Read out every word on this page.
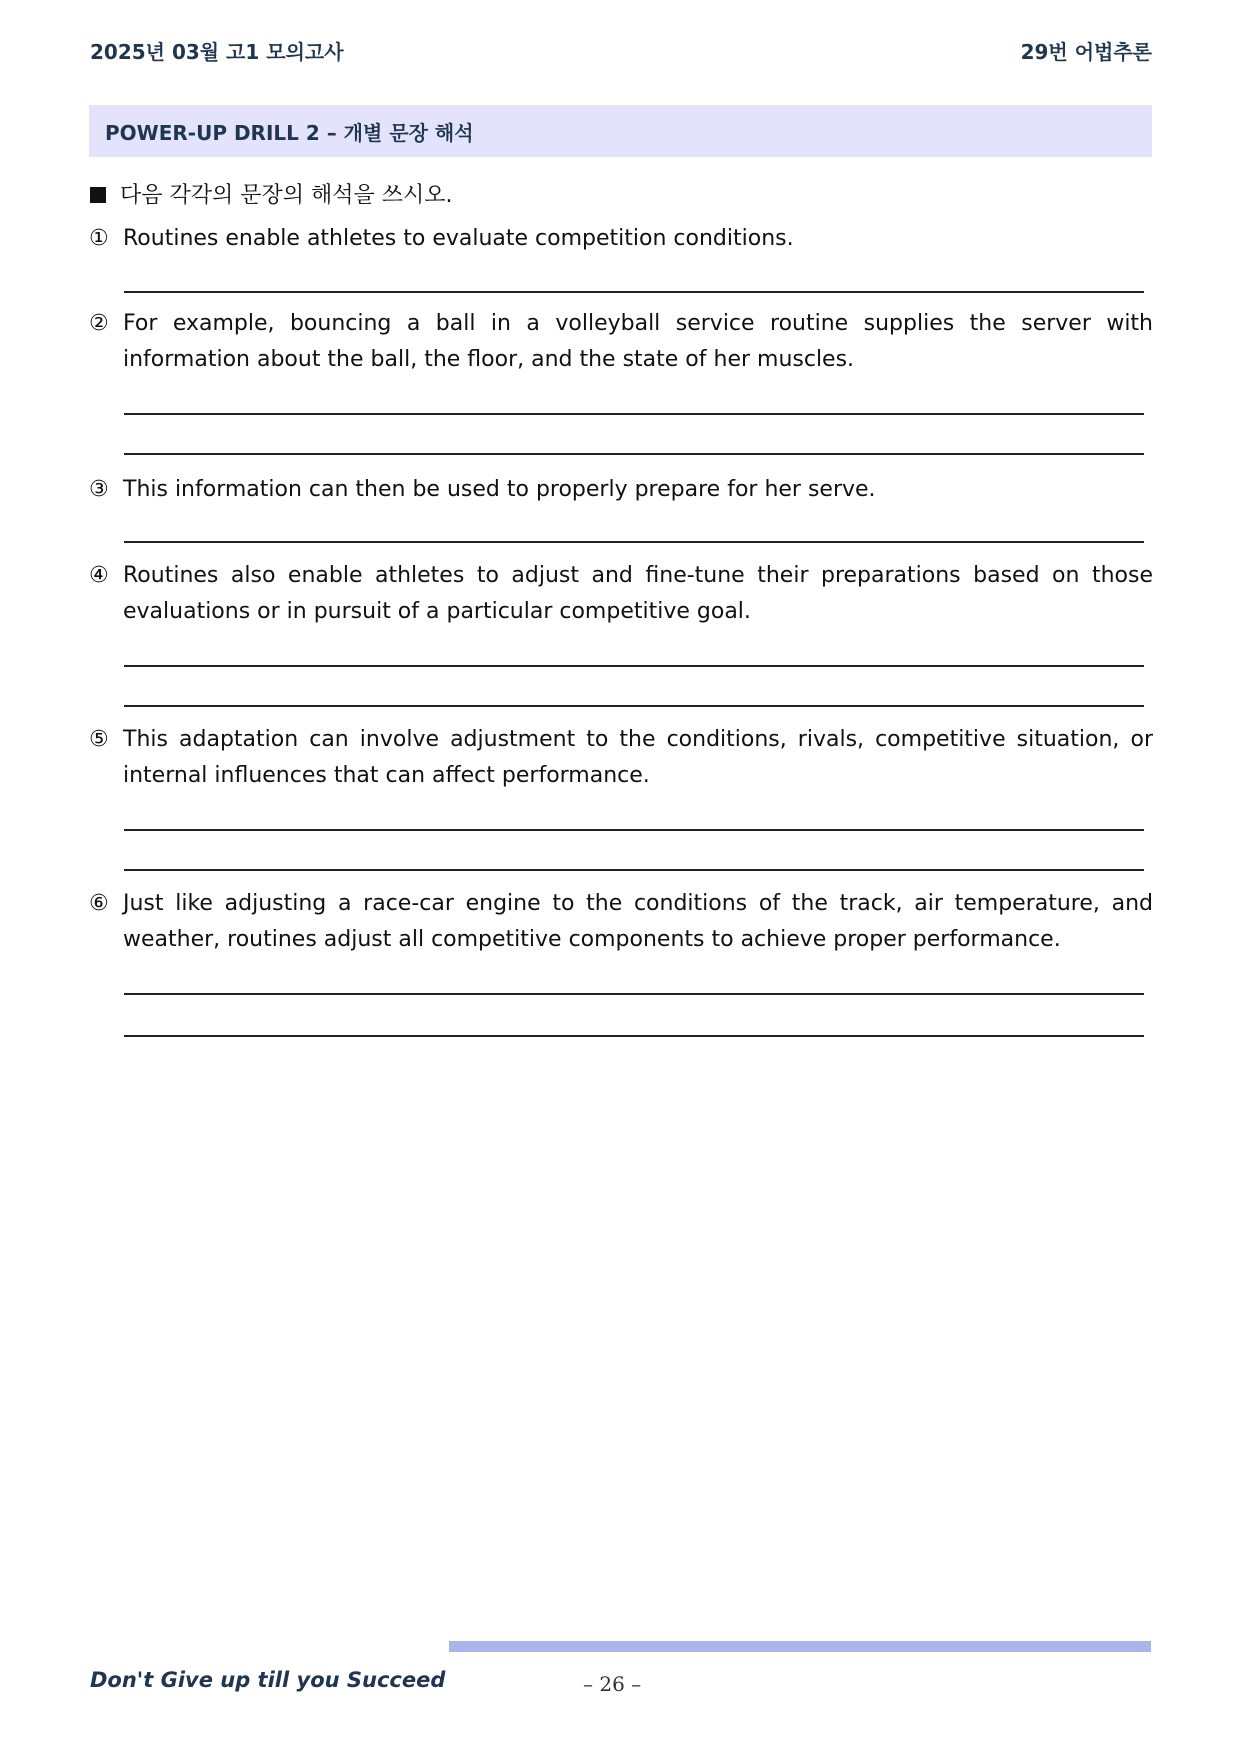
2025년 03월 고1 모의고사	29번 어법추론
POWER-UP DRILL 2 – 개별 문장 해석
다음 각각의 문장의 해석을 쓰시오.
① Routines enable athletes to evaluate competition conditions.
② For example, bouncing a ball in a volleyball service routine supplies the server with information about the ball, the floor, and the state of her muscles.
③ This information can then be used to properly prepare for her serve.
④ Routines also enable athletes to adjust and fine-tune their preparations based on those evaluations or in pursuit of a particular competitive goal.
⑤ This adaptation can involve adjustment to the conditions, rivals, competitive situation, or internal influences that can affect performance.
⑥ Just like adjusting a race-car engine to the conditions of the track, air temperature, and weather, routines adjust all competitive components to achieve proper performance.
Don't Give up till you Succeed	– 26 –
